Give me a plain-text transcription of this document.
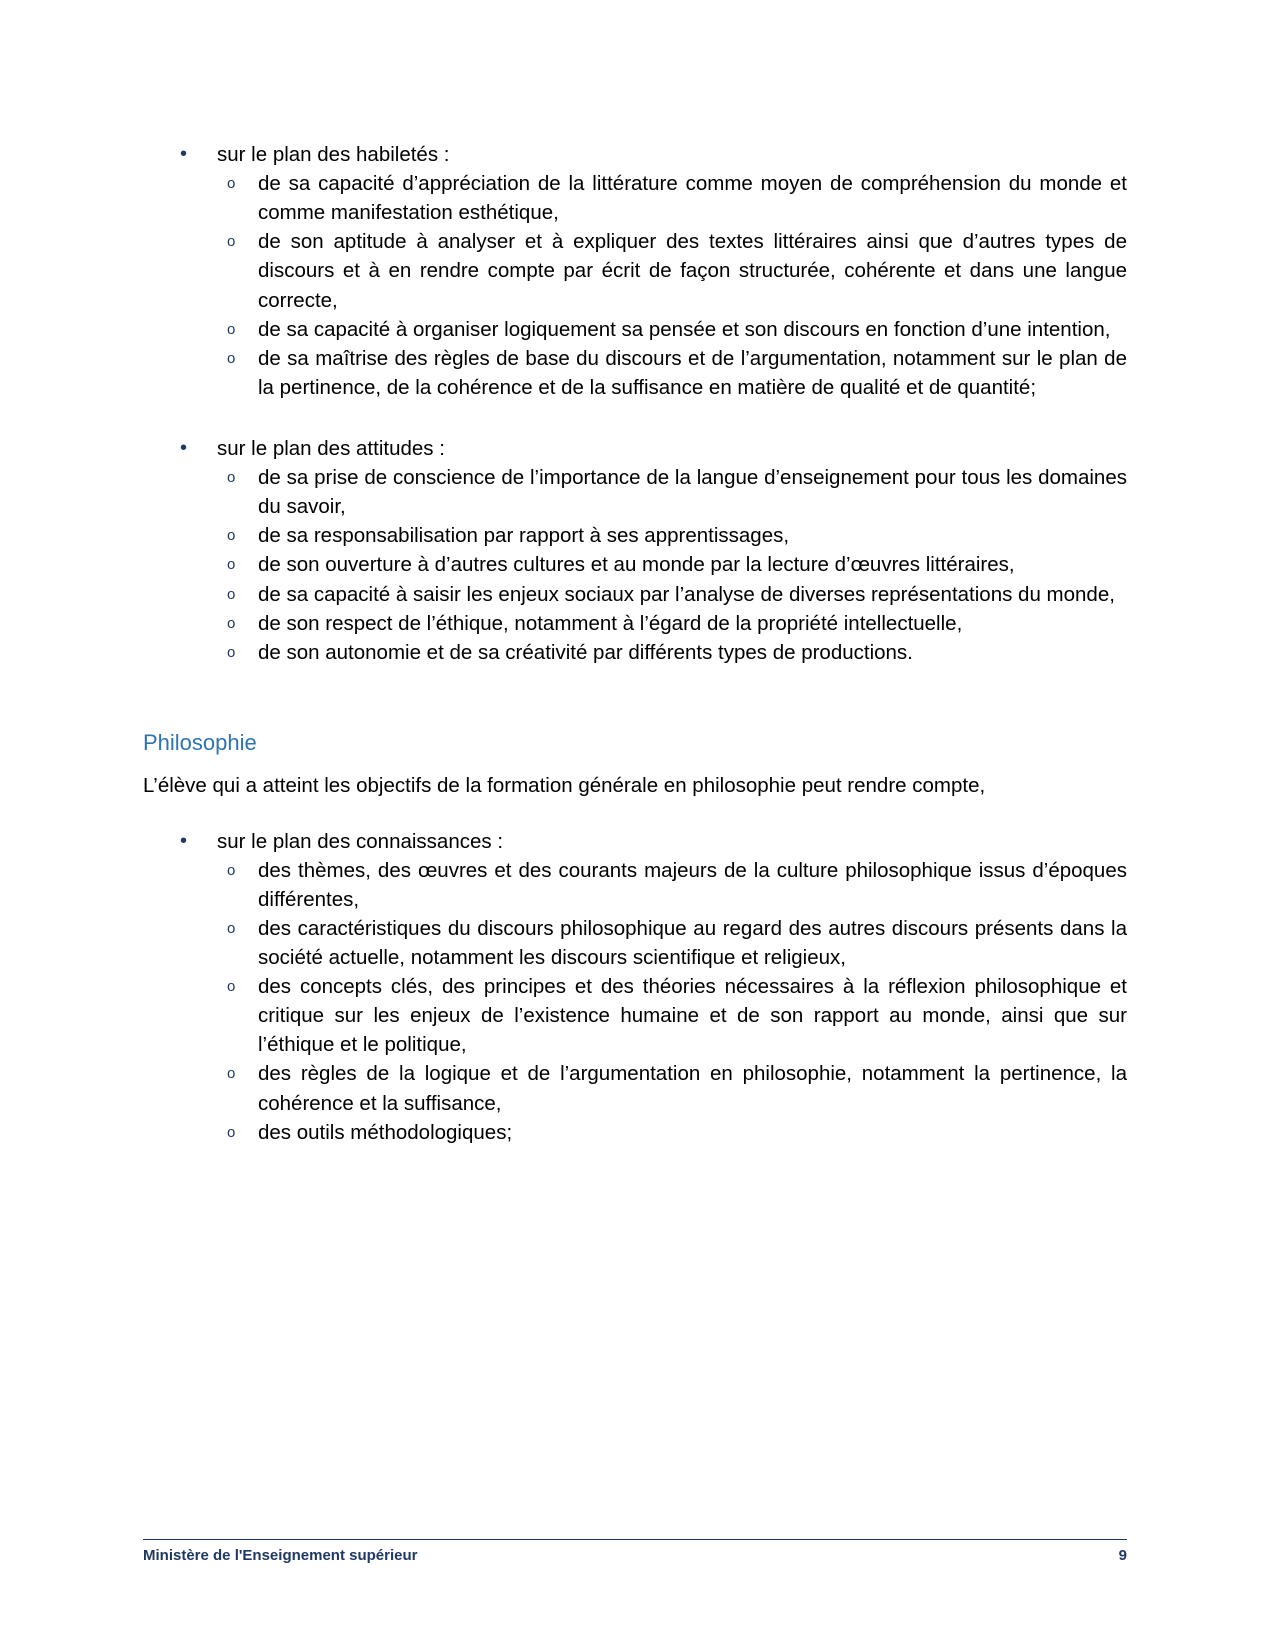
• sur le plan des habiletés :
o de sa capacité d’appréciation de la littérature comme moyen de compréhension du monde et comme manifestation esthétique,
o de son aptitude à analyser et à expliquer des textes littéraires ainsi que d’autres types de discours et à en rendre compte par écrit de façon structurée, cohérente et dans une langue correcte,
o de sa capacité à organiser logiquement sa pensée et son discours en fonction d’une intention,
o de sa maîtrise des règles de base du discours et de l’argumentation, notamment sur le plan de la pertinence, de la cohérence et de la suffisance en matière de qualité et de quantité;
• sur le plan des attitudes :
o de sa prise de conscience de l’importance de la langue d’enseignement pour tous les domaines du savoir,
o de sa responsabilisation par rapport à ses apprentissages,
o de son ouverture à d’autres cultures et au monde par la lecture d’œuvres littéraires,
o de sa capacité à saisir les enjeux sociaux par l’analyse de diverses représentations du monde,
o de son respect de l’éthique, notamment à l’égard de la propriété intellectuelle,
o de son autonomie et de sa créativité par différents types de productions.
Philosophie

L’élève qui a atteint les objectifs de la formation générale en philosophie peut rendre compte,

• sur le plan des connaissances :
o des thèmes, des œuvres et des courants majeurs de la culture philosophique issus d’époques différentes,
o des caractéristiques du discours philosophique au regard des autres discours présents dans la société actuelle, notamment les discours scientifique et religieux,
o des concepts clés, des principes et des théories nécessaires à la réflexion philosophique et critique sur les enjeux de l’existence humaine et de son rapport au monde, ainsi que sur l’éthique et le politique,
o des règles de la logique et de l’argumentation en philosophie, notamment la pertinence, la cohérence et la suffisance,
o des outils méthodologiques;
Ministère de l'Enseignement supérieur	9
